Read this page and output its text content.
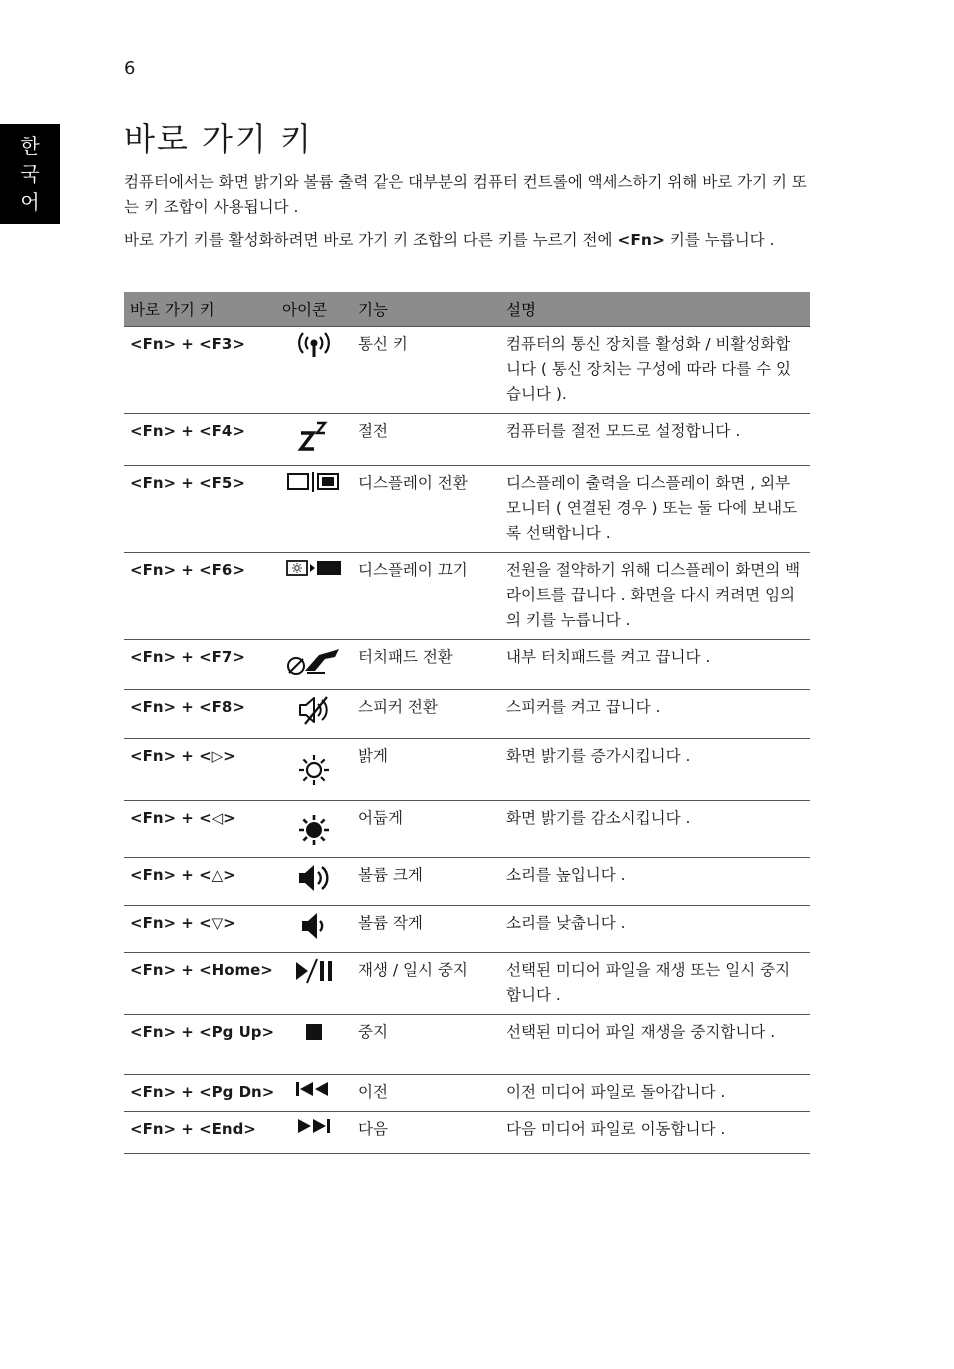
6
한
국
어
바로 가기 키

컴퓨터에서는 화면 밝기와 볼륨 출력 같은 대부분의 컴퓨터 컨트롤에 액세스하기 위해 바로 가기 키 또는 키 조합이 사용됩니다 .

바로 가기 키를 활성화하려면 바로 가기 키 조합의 다른 키를 누르기 전에 <Fn> 키를 누릅니다 .

바로 가기 키	아이콘	기능	설명
<Fn> + <F3>		통신 키	컴퓨터의 통신 장치를 활성화 / 비활성화합니다 ( 통신 장치는 구성에 따라 다를 수 있습니다 ).
<Fn> + <F4>		절전	컴퓨터를 절전 모드로 설정합니다 .
<Fn> + <F5>		디스플레이 전환	디스플레이 출력을 디스플레이 화면 , 외부 모니터 ( 연결된 경우 ) 또는 둘 다에 보내도록 선택합니다 .
<Fn> + <F6>		디스플레이 끄기	전원을 절약하기 위해 디스플레이 화면의 백라이트를 끕니다 . 화면을 다시 켜려면 임의의 키를 누릅니다 .
<Fn> + <F7>		터치패드 전환	내부 터치패드를 켜고 끕니다 .
<Fn> + <F8>		스피커 전환	스피커를 켜고 끕니다 .
<Fn> + <▷>		밝게	화면 밝기를 증가시킵니다 .
<Fn> + <◁>		어둡게	화면 밝기를 감소시킵니다 .
<Fn> + <△>		볼륨 크게	소리를 높입니다 .
<Fn> + <▽>		볼륨 작게	소리를 낮춥니다 .
<Fn> + <Home>		재생 / 일시 중지	선택된 미디어 파일을 재생 또는 일시 중지합니다 .
<Fn> + <Pg Up>		중지	선택된 미디어 파일 재생을 중지합니다 .
<Fn> + <Pg Dn>		이전	이전 미디어 파일로 돌아갑니다 .
<Fn> + <End>		다음	다음 미디어 파일로 이동합니다 .
